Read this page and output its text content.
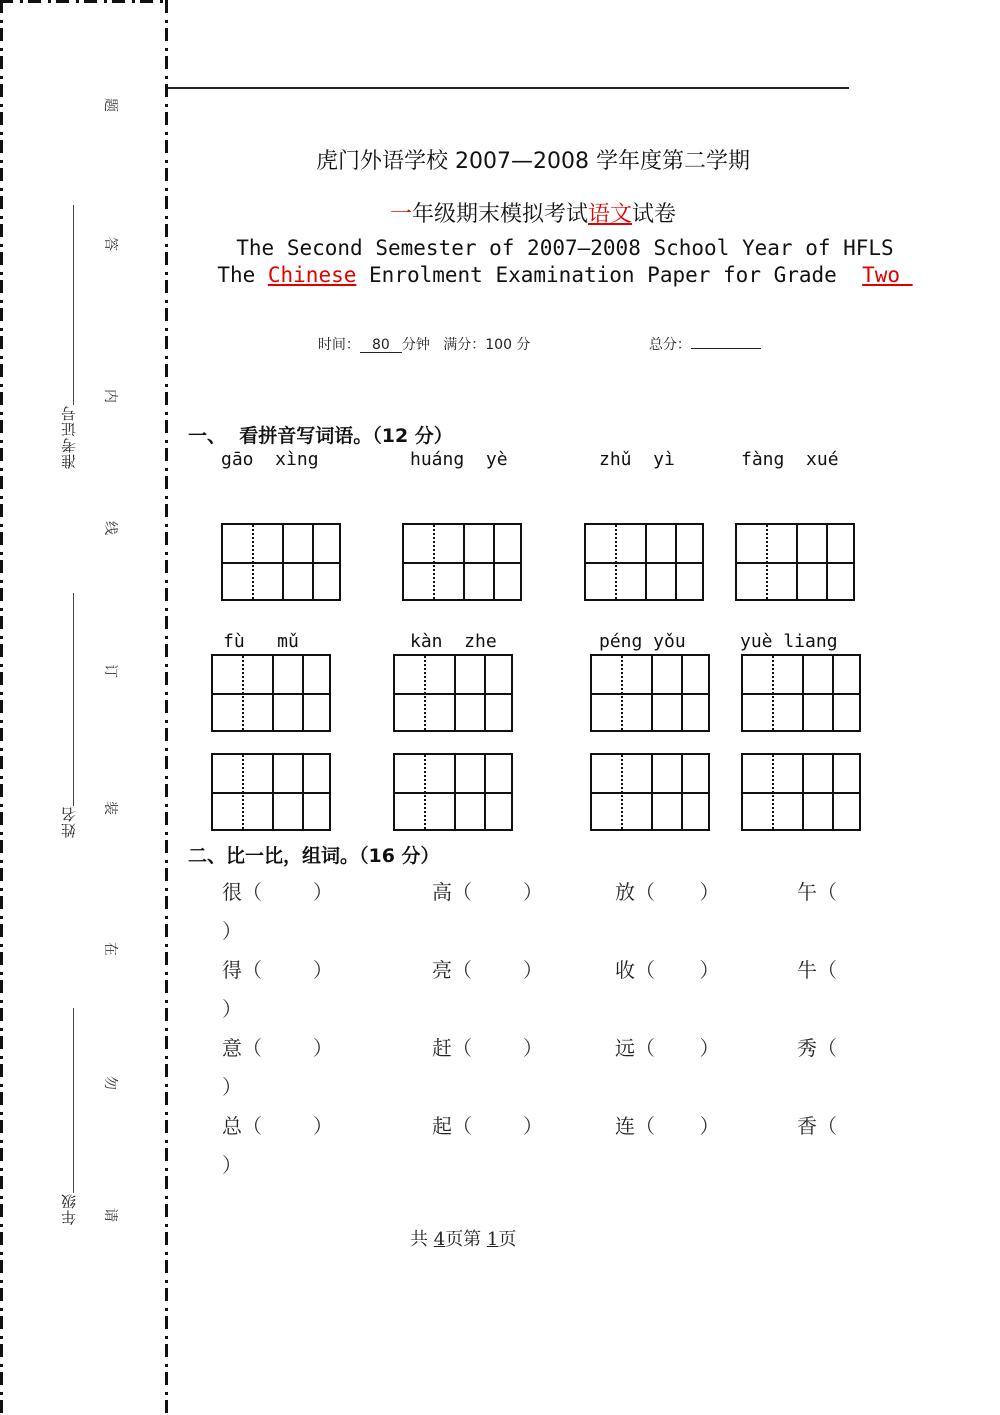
准考证号
姓名
年级
题
答
内
线
订
装
在
勿
请
虎门外语学校 2007—2008 学年度第二学期
一年级期末模拟考试语文试卷
The Second Semester of 2007—2008 School Year of HFLS
The Chinese Enrolment Examination Paper for Grade  Two

时间： 80 分钟 满分：100 分	总分：

一、  看拼音写词语。（12 分）
gāo  xìng	huáng  yè	zhǔ  yì	fàng  xué
fù   mǔ	kàn  zhe	péng yǒu	yuè liang
二、比一比，组词。（16 分）
很（        ）	高（        ）	放（       ）	午（
）
得（        ）	亮（        ）	收（       ）	牛（
）
意（        ）	赶（        ）	远（       ）	秀（
）
总（        ）	起（        ）	连（       ）	香（
）
共 4页第 1页
